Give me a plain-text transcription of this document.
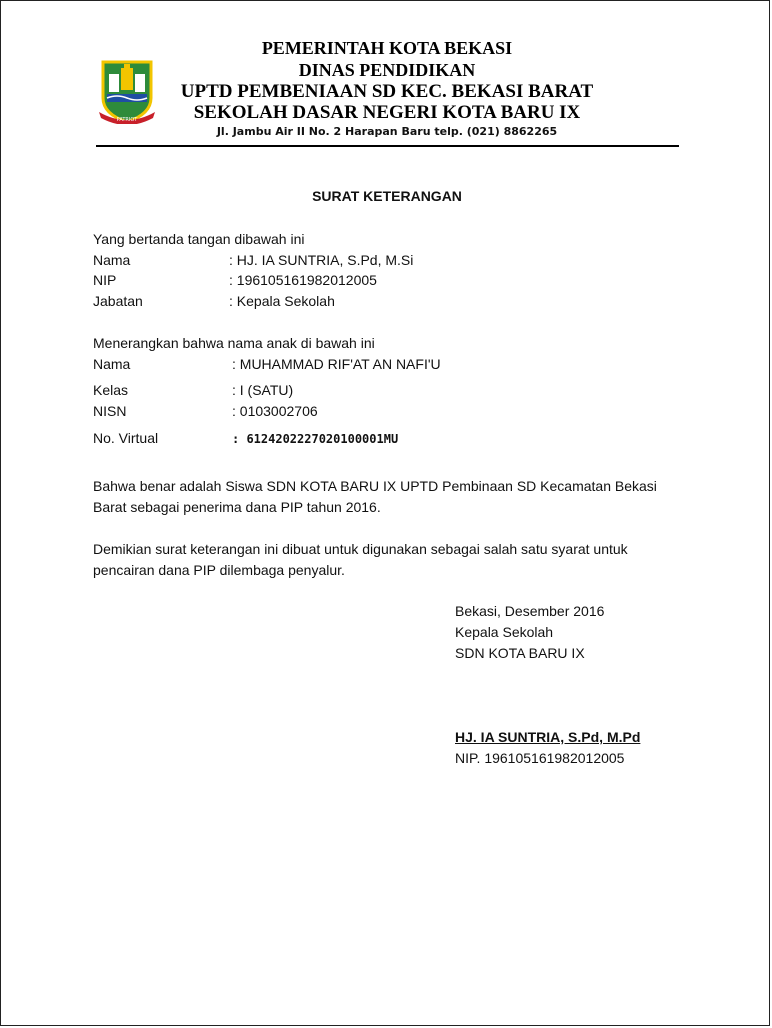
PATRIOT
PEMERINTAH KOTA BEKASI
DINAS PENDIDIKAN
UPTD PEMBENIAAN SD KEC. BEKASI BARAT
SEKOLAH DASAR NEGERI KOTA BARU IX
Jl. Jambu Air II No. 2 Harapan Baru telp. (021) 8862265
SURAT KETERANGAN
Yang bertanda tangan dibawah ini
Nama	: HJ. IA SUNTRIA, S.Pd, M.Si
NIP	: 196105161982012005
Jabatan	: Kepala Sekolah
Menerangkan bahwa nama anak di bawah ini
Nama	: MUHAMMAD RIF'AT AN NAFI'U
Kelas	: I (SATU)
NISN	: 0103002706
No. Virtual	: 6124202227020100001MU
Bahwa benar adalah Siswa SDN KOTA BARU IX UPTD Pembinaan SD Kecamatan Bekasi Barat sebagai penerima dana PIP tahun 2016.
Demikian surat keterangan ini dibuat untuk digunakan sebagai salah satu syarat untuk pencairan dana PIP dilembaga penyalur.
Bekasi, Desember 2016
Kepala Sekolah
SDN KOTA BARU IX
HJ. IA SUNTRIA, S.Pd, M.Pd
NIP. 196105161982012005
